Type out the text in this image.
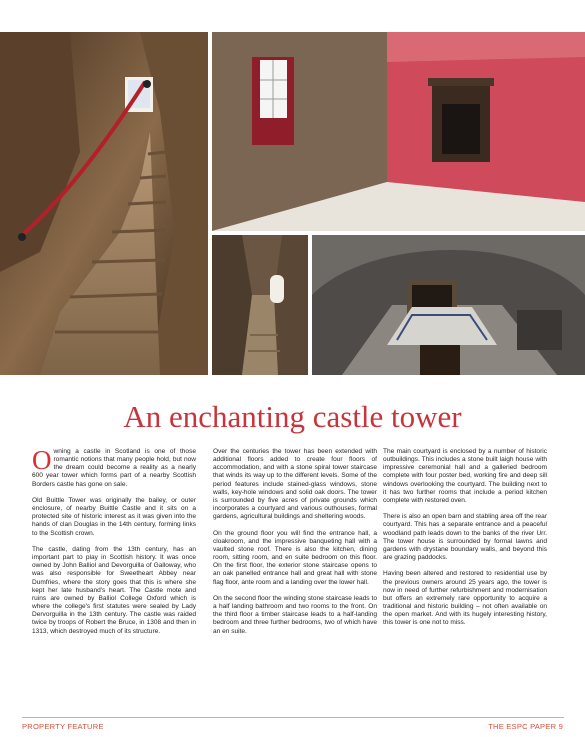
An enchanting castle tower

Owning a castle in Scotland is one of those romantic notions that many people hold, but now the dream could become a reality as a nearly 600 year tower which forms part of a nearby Scottish Borders castle has gone on sale.

Old Buittle Tower was originally the bailey, or outer enclosure, of nearby Buittle Castle and it sits on a protected site of historic interest as it was given into the hands of clan Douglas in the 14th century, forming links to the Scottish crown.

The castle, dating from the 13th century, has an important part to play in Scottish history. It was once owned by John Balliol and Devorguilla of Galloway, who was also responsible for Sweetheart Abbey near Dumfries, where the story goes that this is where she kept her late husband's heart. The Castle mote and ruins are owned by Balliol College Oxford which is where the college's first statutes were sealed by Lady Dervorguilla in the 13th century. The castle was raided twice by troops of Robert the Bruce, in 1308 and then in 1313, which destroyed much of its structure.

Over the centuries the tower has been extended with additional floors added to create four floors of accommodation, and with a stone spiral tower staircase that winds its way up to the different levels. Some of the period features include stained-glass windows, stone walls, key-hole windows and solid oak doors. The tower is surrounded by five acres of private grounds which incorporates a courtyard and various outhouses, formal gardens, agricultural buildings and sheltering woods.

On the ground floor you will find the entrance hall, a cloakroom, and the impressive banqueting hall with a vaulted stone roof. There is also the kitchen, dining room, sitting room, and en suite bedroom on this floor. On the first floor, the exterior stone staircase opens to an oak panelled entrance hall and great hall with stone flag floor, ante room and a landing over the lower hall.

On the second floor the winding stone staircase leads to a half landing bathroom and two rooms to the front. On the third floor a timber staircase leads to a half-landing bedroom and three further bedrooms, two of which have an en suite.

The main courtyard is enclosed by a number of historic outbuildings. This includes a stone built laigh house with impressive ceremonial hall and a galleried bedroom complete with four poster bed, working fire and deep sill windows overlooking the courtyard. The building next to it has two further rooms that include a period kitchen complete with restored oven.

There is also an open barn and stabling area off the rear courtyard. This has a separate entrance and a peaceful woodland path leads down to the banks of the river Urr. The tower house is surrounded by formal lawns and gardens with drystane boundary walls, and beyond this are grazing paddocks.

Having been altered and restored to residential use by the previous owners around 25 years ago, the tower is now in need of further refurbishment and modernisation but offers an extremely rare opportunity to acquire a traditional and historic building – not often available on the open market. And with its hugely interesting history, this tower is one not to miss.

PROPERTY FEATURE	THE ESPC PAPER 9
